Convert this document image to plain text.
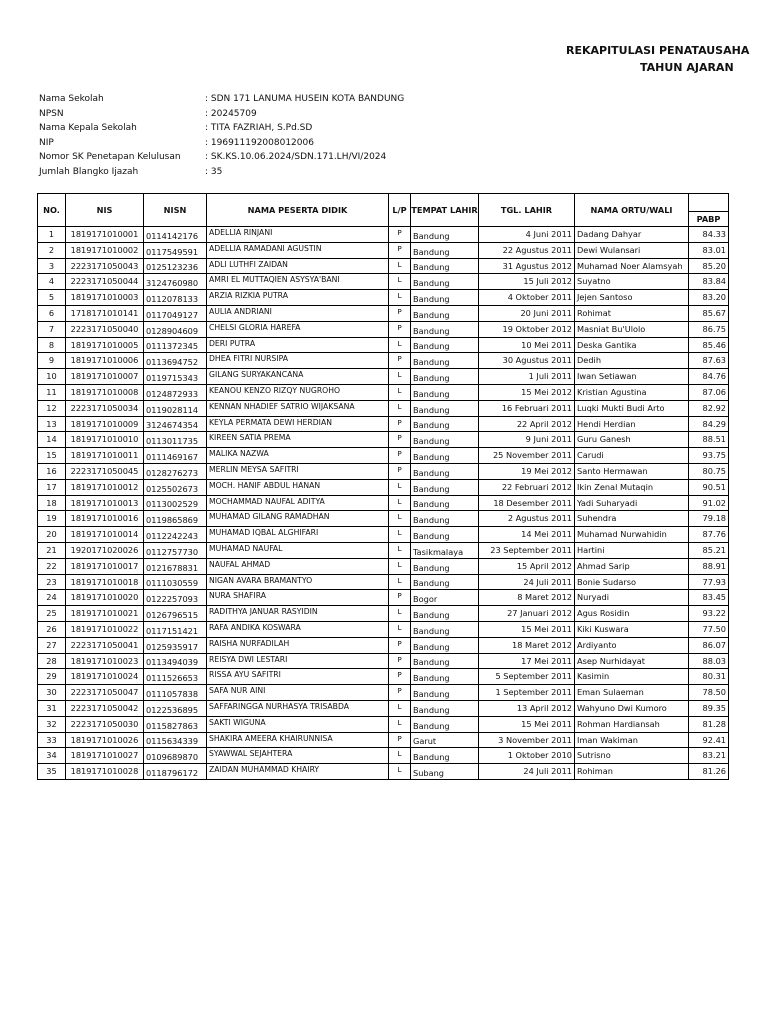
REKAPITULASI PENATAUSAHA
TAHUN AJARAN
Nama Sekolah	: SDN 171 LANUMA HUSEIN KOTA BANDUNG
NPSN	: 20245709
Nama Kepala Sekolah	: TITA FAZRIAH, S.Pd.SD
NIP	: 196911192008012006
Nomor SK Penetapan Kelulusan	: SK.KS.10.06.2024/SDN.171.LH/VI/2024
Jumlah Blangko Ijazah	: 35
NO.	NIS	NISN	NAMA PESERTA DIDIK	L/P	TEMPAT LAHIR	TGL. LAHIR	NAMA ORTU/WALI	PABP

1	1819171010001	0114142176	ADELLIA RINJANI	P	Bandung	4 Juni 2011	Dadang Dahyar	84.33
2	1819171010002	0117549591	ADELLIA RAMADANI AGUSTIN	P	Bandung	22 Agustus 2011	Dewi Wulansari	83.01
3	2223171050043	0125123236	ADLI LUTHFI ZAIDAN	L	Bandung	31 Agustus 2012	Muhamad Noer Alamsyah	85.20
4	2223171050044	3124760980	AMRI EL MUTTAQIEN ASYSYA'BANI	L	Bandung	15 Juli 2012	Suyatno	83.84
5	1819171010003	0112078133	ARZIA RIZKIA PUTRA	L	Bandung	4 Oktober 2011	Jejen Santoso	83.20
6	1718171010141	0117049127	AULIA ANDRIANI	P	Bandung	20 Juni 2011	Rohimat	85.67
7	2223171050040	0128904609	CHELSI GLORIA HAREFA	P	Bandung	19 Oktober 2012	Masniat Bu'Ulolo	86.75
8	1819171010005	0111372345	DERI PUTRA	L	Bandung	10 Mei 2011	Deska Gantika	85.46
9	1819171010006	0113694752	DHEA FITRI NURSIPA	P	Bandung	30 Agustus 2011	Dedih	87.63
10	1819171010007	0119715343	GILANG SURYAKANCANA	L	Bandung	1 Juli 2011	Iwan Setiawan	84.76
11	1819171010008	0124872933	KEANOU KENZO RIZQY NUGROHO	L	Bandung	15 Mei 2012	Kristian Agustina	87.06
12	2223171050034	0119028114	KENNAN NHADIEF SATRIO WIJAKSANA	L	Bandung	16 Februari 2011	Luqki Mukti Budi Arto	82.92
13	1819171010009	3124674354	KEYLA PERMATA DEWI HERDIAN	P	Bandung	22 April 2012	Hendi Herdian	84.29
14	1819171010010	0113011735	KIREEN SATIA PREMA	P	Bandung	9 Juni 2011	Guru Ganesh	88.51
15	1819171010011	0111469167	MALIKA NAZWA	P	Bandung	25 November 2011	Carudi	93.75
16	2223171050045	0128276273	MERLIN MEYSA SAFITRI	P	Bandung	19 Mei 2012	Santo Hermawan	80.75
17	1819171010012	0125502673	MOCH. HANIF ABDUL HANAN	L	Bandung	22 Februari 2012	Ikin Zenal Mutaqin	90.51
18	1819171010013	0113002529	MOCHAMMAD NAUFAL ADITYA	L	Bandung	18 Desember 2011	Yadi Suharyadi	91.02
19	1819171010016	0119865869	MUHAMAD GILANG RAMADHAN	L	Bandung	2 Agustus 2011	Suhendra	79.18
20	1819171010014	0112242243	MUHAMAD IQBAL ALGHIFARI	L	Bandung	14 Mei 2011	Muhamad Nurwahidin	87.76
21	1920171020026	0112757730	MUHAMAD NAUFAL	L	Tasikmalaya	23 September 2011	Hartini	85.21
22	1819171010017	0121678831	NAUFAL AHMAD	L	Bandung	15 April 2012	Ahmad Sarip	88.91
23	1819171010018	0111030559	NIGAN AVARA BRAMANTYO	L	Bandung	24 Juli 2011	Bonie Sudarso	77.93
24	1819171010020	0122257093	NURA SHAFIRA	P	Bogor	8 Maret 2012	Nuryadi	83.45
25	1819171010021	0126796515	RADITHYA JANUAR RASYIDIN	L	Bandung	27 Januari 2012	Agus Rosidin	93.22
26	1819171010022	0117151421	RAFA ANDIKA KOSWARA	L	Bandung	15 Mei 2011	Kiki Kuswara	77.50
27	2223171050041	0125935917	RAISHA NURFADILAH	P	Bandung	18 Maret 2012	Ardiyanto	86.07
28	1819171010023	0113494039	REISYA DWI LESTARI	P	Bandung	17 Mei 2011	Asep Nurhidayat	88.03
29	1819171010024	0111526653	RISSA AYU SAFITRI	P	Bandung	5 September 2011	Kasimin	80.31
30	2223171050047	0111057838	SAFA NUR AINI	P	Bandung	1 September 2011	Eman Sulaeman	78.50
31	2223171050042	0122536895	SAFFARINGGA NURHASYA TRISABDA	L	Bandung	13 April 2012	Wahyuno Dwi Kumoro	89.35
32	2223171050030	0115827863	SAKTI WIGUNA	L	Bandung	15 Mei 2011	Rohman Hardiansah	81.28
33	1819171010026	0115634339	SHAKIRA AMEERA KHAIRUNNISA	P	Garut	3 November 2011	Iman Wakiman	92.41
34	1819171010027	0109689870	SYAWWAL SEJAHTERA	L	Bandung	1 Oktober 2010	Sutrisno	83.21
35	1819171010028	0118796172	ZAIDAN MUHAMMAD KHAIRY	L	Subang	24 Juli 2011	Rohiman	81.26
